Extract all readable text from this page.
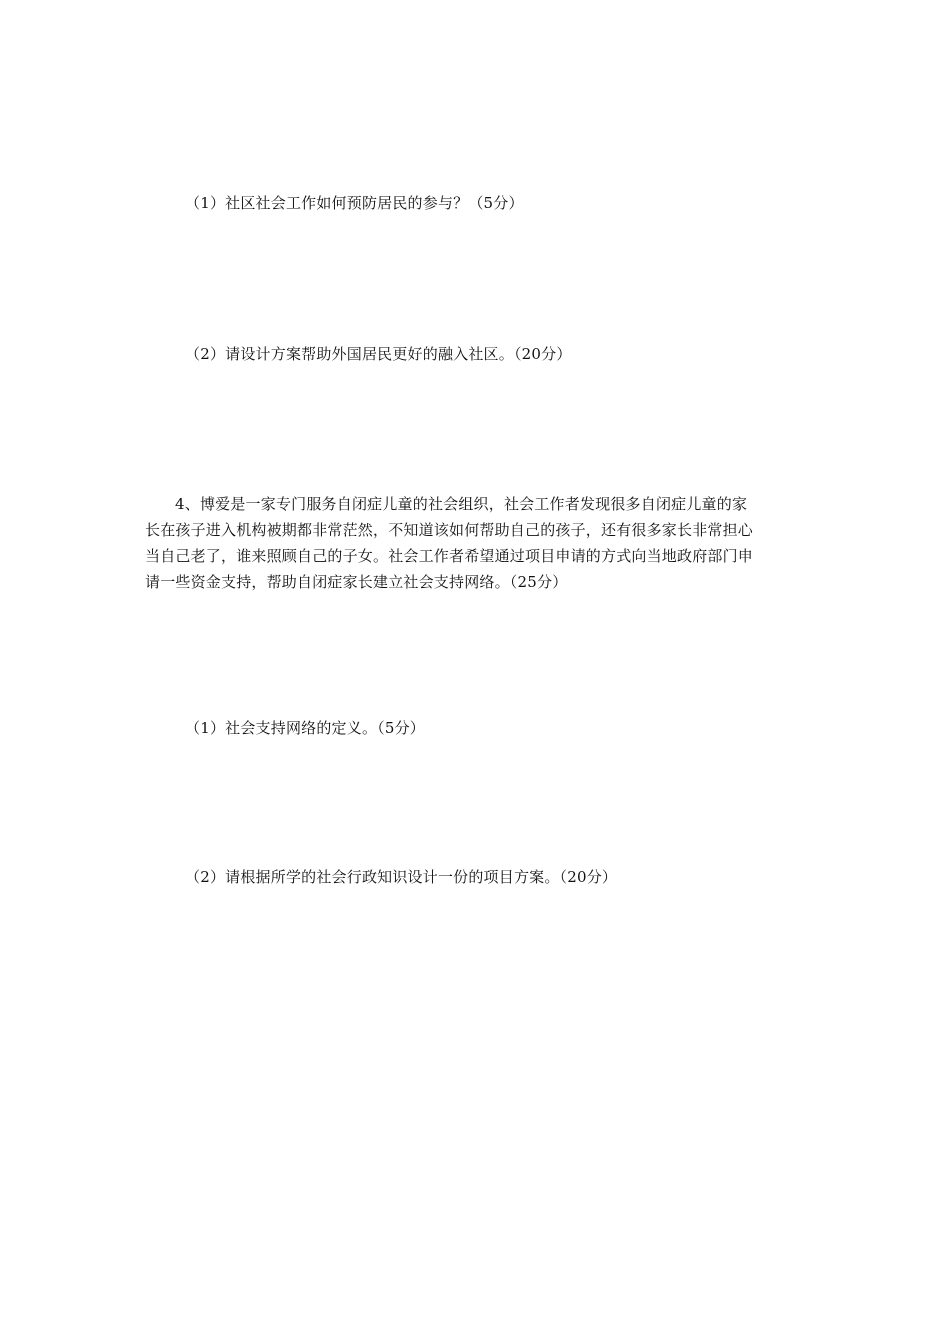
（1）社区社会工作如何预防居民的参与？（5分）
（2）请设计方案帮助外国居民更好的融入社区。（20分）
4、博爱是一家专门服务自闭症儿童的社会组织，社会工作者发现很多自闭症儿童的家
长在孩子进入机构被期都非常茫然，不知道该如何帮助自己的孩子，还有很多家长非常担心
当自己老了，谁来照顾自己的子女。社会工作者希望通过项目申请的方式向当地政府部门申
请一些资金支持，帮助自闭症家长建立社会支持网络。（25分）
（1）社会支持网络的定义。（5分）
（2）请根据所学的社会行政知识设计一份的项目方案。（20分）
